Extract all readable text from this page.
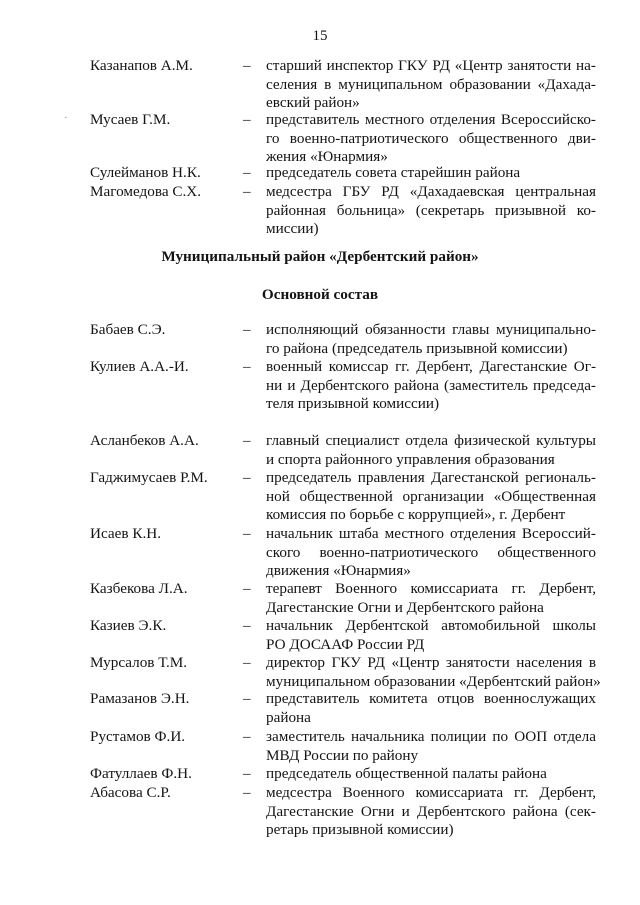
15
·
Казанапов А.М.	– старший инспектор ГКУ РД «Центр занятости на-
селения в муниципальном образовании «Дахада-
евский район»
Мусаев Г.М.	– представитель местного отделения Всероссийско-
го военно-патриотического общественного дви-
жения «Юнармия»
Сулейманов Н.К.	– председатель совета старейшин района
Магомедова С.Х.	– медсестра ГБУ РД «Дахадаевская центральная
районная больница» (секретарь призывной ко-
миссии)
Муниципальный район «Дербентский район»
Основной состав
Бабаев С.Э.	– исполняющий обязанности главы муниципально-
го района (председатель призывной комиссии)
Кулиев А.А.-И.	– военный комиссар гг. Дербент, Дагестанские Ог-
ни и Дербентского района (заместитель председа-
теля призывной комиссии)
Асланбеков А.А.	– главный специалист отдела физической культуры
и спорта районного управления образования
Гаджимусаев Р.М. – председатель правления Дагестанской региональ-
ной общественной организации «Общественная
комиссия по борьбе с коррупцией», г. Дербент
Исаев К.Н.	– начальник штаба местного отделения Всероссий-
ского военно-патриотического общественного
движения «Юнармия»
Казбекова Л.А.	– терапевт Военного комиссариата гг. Дербент,
Дагестанские Огни и Дербентского района
Казиев Э.К.	– начальник Дербентской автомобильной школы
РО ДОСААФ России РД
Мурсалов Т.М.	– директор ГКУ РД «Центр занятости населения в
муниципальном образовании «Дербентский район»
Рамазанов Э.Н.	– представитель комитета отцов военнослужащих
района
Рустамов Ф.И.	– заместитель начальника полиции по ООП отдела
МВД России по району
Фатуллаев Ф.Н.	– председатель общественной палаты района
Абасова С.Р.	– медсестра Военного комиссариата гг. Дербент,
Дагестанские Огни и Дербентского района (сек-
ретарь призывной комиссии)
